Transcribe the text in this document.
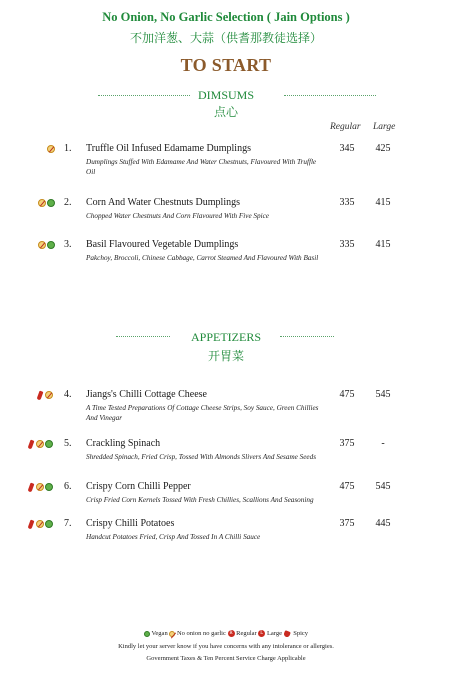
No Onion, No Garlic Selection ( Jain Options )
不加洋葱、大蒜（供耆那教徒选择）
TO START
DIMSUMS
点心
Regular Large
1. Truffle Oil Infused Edamame Dumplings
Dumplings Stuffed With Edamame And Water Chestnuts, Flavoured With Truffle Oil
345 425
2. Corn And Water Chestnuts Dumplings
Chopped Water Chestnuts And Corn Flavoured With Five Spice
335 415
3. Basil Flavoured Vegetable Dumplings
Pakchoy, Broccoli, Chinese Cabbage, Carrot Steamed And Flavoured With Basil
335 415
APPETIZERS
开胃菜
4. Jiangs's Chilli Cottage Cheese
A Time Tested Preparations Of Cottage Cheese Strips, Soy Sauce, Green Chillies And Vinegar
475 545
5. Crackling Spinach
Shredded Spinach, Fried Crisp, Tossed With Almonds Slivers And Sesame Seeds
375	-
6. Crispy Corn Chilli Pepper
Crisp Fried Corn Kernels Tossed With Fresh Chillies, Scallions And Seasoning
475 545
7. Crispy Chilli Potatoes
Handcut Potatoes Fried, Crisp And Tossed In A Chilli Sauce
375 445
Vegan No onion no garlic R Regular L Large Spicy
Kindly let your server know if you have concerns with any intolerance or allergies.
Government Taxes & Ten Percent Service Charge Applicable
